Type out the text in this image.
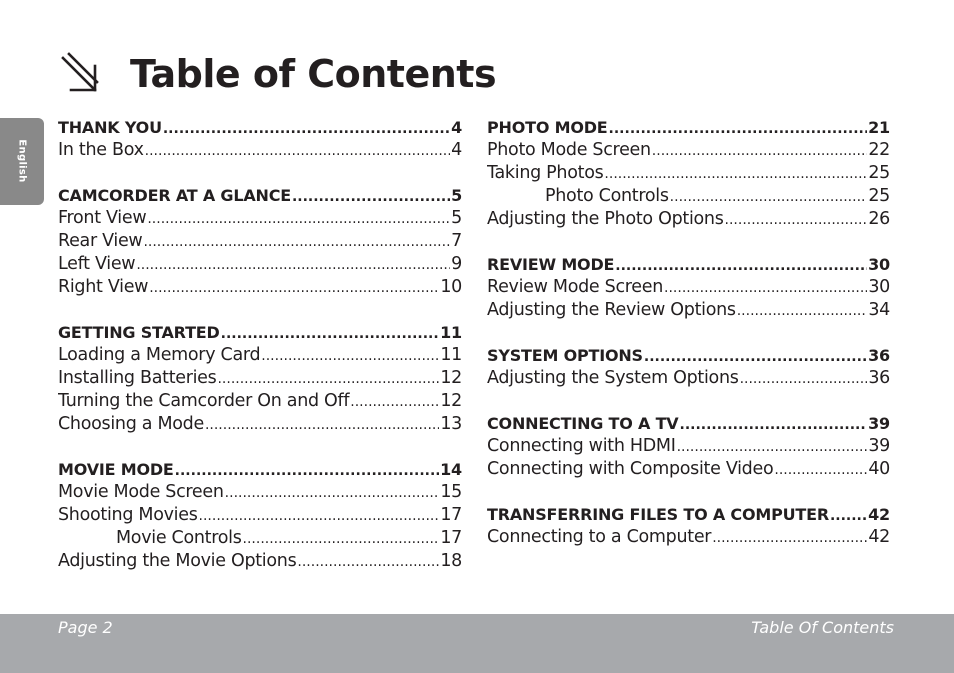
Table of Contents
English
THANK YOU .....	4
In the Box .....	4
CAMCORDER AT A GLANCE .....	5
Front View .....	5
Rear View .....	7
Left View .....	9
Right View .....	10
GETTING STARTED .....	11
Loading a Memory Card .....	11
Installing Batteries .....	12
Turning the Camcorder On and Off .....	12
Choosing a Mode .....	13
MOVIE MODE .....	14
Movie Mode Screen .....	15
Shooting Movies .....	17
Movie Controls .....	17
Adjusting the Movie Options .....	18
PHOTO MODE .....	21
Photo Mode Screen .....	22
Taking Photos .....	25
Photo Controls .....	25
Adjusting the Photo Options .....	26
REVIEW MODE .....	30
Review Mode Screen .....	30
Adjusting the Review Options .....	34
SYSTEM OPTIONS .....	36
Adjusting the System Options .....	36
CONNECTING TO A TV .....	39
Connecting with HDMI .....	39
Connecting with Composite Video .....	40
TRANSFERRING FILES TO A COMPUTER ..... 42
Connecting to a Computer .....	42
Page 2	Table Of Contents
